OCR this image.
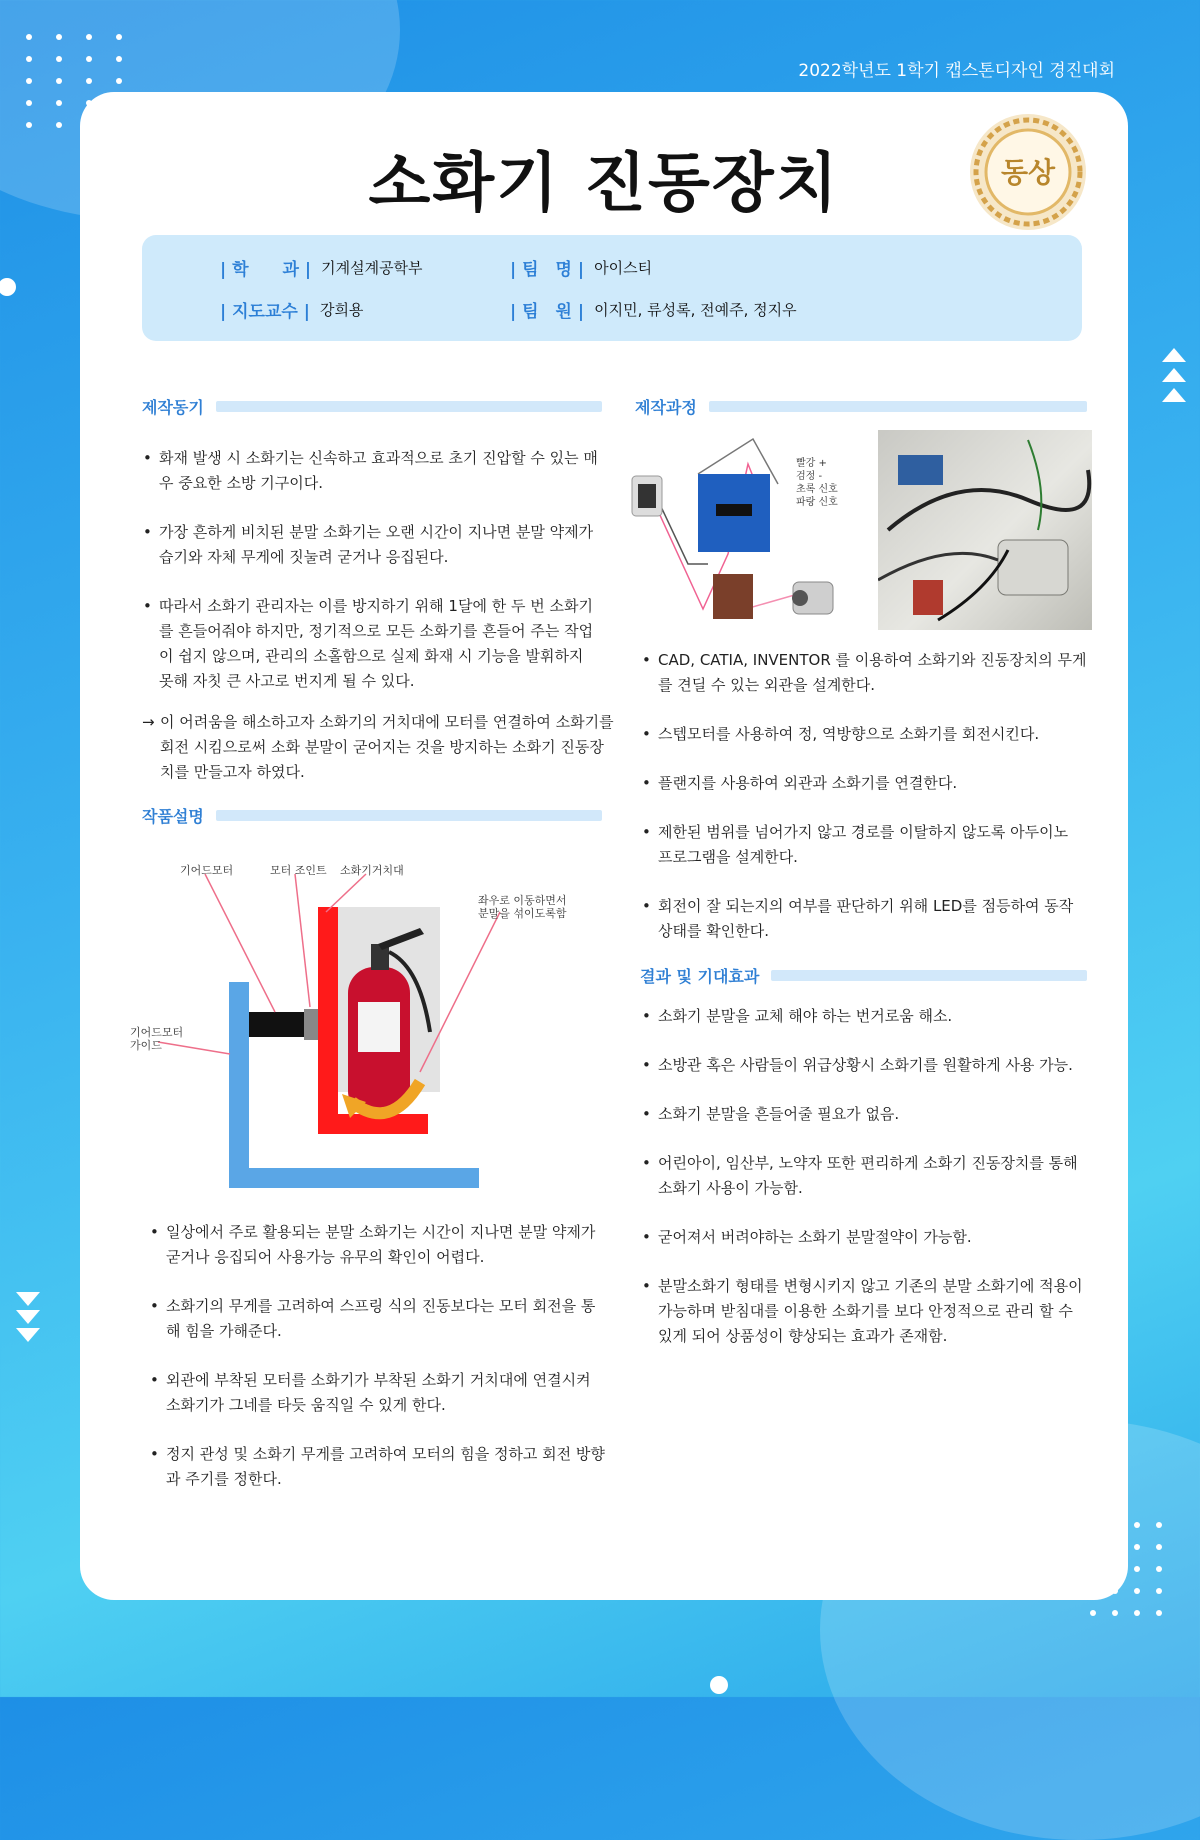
2022학년도 1학기 캡스톤디자인 경진대회
소화기 진동장치	동상
| 학　　과 | 기계설계공학부	| 팀　명 | 아이스티
| 지도교수 | 강희용	| 팀　원 | 이지민, 류성록, 전예주, 정지우
제작동기
• 화재 발생 시 소화기는 신속하고 효과적으로 초기 진압할 수 있는 매우 중요한 소방 기구이다.
• 가장 흔하게 비치된 분말 소화기는 오랜 시간이 지나면 분말 약제가 습기와 자체 무게에 짓눌려 굳거나 응집된다.
• 따라서 소화기 관리자는 이를 방지하기 위해 1달에 한 두 번 소화기를 흔들어줘야 하지만, 정기적으로 모든 소화기를 흔들어 주는 작업이 쉽지 않으며, 관리의 소홀함으로 실제 화재 시 기능을 발휘하지 못해 자칫 큰 사고로 번지게 될 수 있다.
→ 이 어려움을 해소하고자 소화기의 거치대에 모터를 연결하여 소화기를 회전 시킴으로써 소화 분말이 굳어지는 것을 방지하는 소화기 진동장치를 만들고자 하였다.
작품설명
소화기거치대
기어드모터	모터 조인트
좌우로 이동하면서
분말을 섞이도록함
기어드모터
가이드
• 일상에서 주로 활용되는 분말 소화기는 시간이 지나면 분말 약제가 굳거나 응집되어 사용가능 유무의 확인이 어렵다.
• 소화기의 무게를 고려하여 스프링 식의 진동보다는 모터 회전을 통해 힘을 가해준다.
• 외관에 부착된 모터를 소화기가 부착된 소화기 거치대에 연결시켜 소화기가 그네를 타듯 움직일 수 있게 한다.
• 정지 관성 및 소화기 무게를 고려하여 모터의 힘을 정하고 회전 방향과 주기를 정한다.
제작과정
빨강 +
검정 -
초록 신호
파랑 신호
• CAD, CATIA, INVENTOR 를 이용하여 소화기와 진동장치의 무게를 견딜 수 있는 외관을 설계한다.
• 스텝모터를 사용하여 정, 역방향으로 소화기를 회전시킨다.
• 플랜지를 사용하여 외관과 소화기를 연결한다.
• 제한된 범위를 넘어가지 않고 경로를 이탈하지 않도록 아두이노 프로그램을 설계한다.
• 회전이 잘 되는지의 여부를 판단하기 위해 LED를 점등하여 동작 상태를 확인한다.
결과 및 기대효과
• 소화기 분말을 교체 해야 하는 번거로움 해소.
• 소방관 혹은 사람들이 위급상황시 소화기를 원활하게 사용 가능.
• 소화기 분말을 흔들어줄 필요가 없음.
• 어린아이, 임산부, 노약자 또한 편리하게 소화기 진동장치를 통해 소화기 사용이 가능함.
• 굳어져서 버려야하는 소화기 분말절약이 가능함.
• 분말소화기 형태를 변형시키지 않고 기존의 분말 소화기에 적용이 가능하며 받침대를 이용한 소화기를 보다 안정적으로 관리 할 수 있게 되어 상품성이 향상되는 효과가 존재함.
